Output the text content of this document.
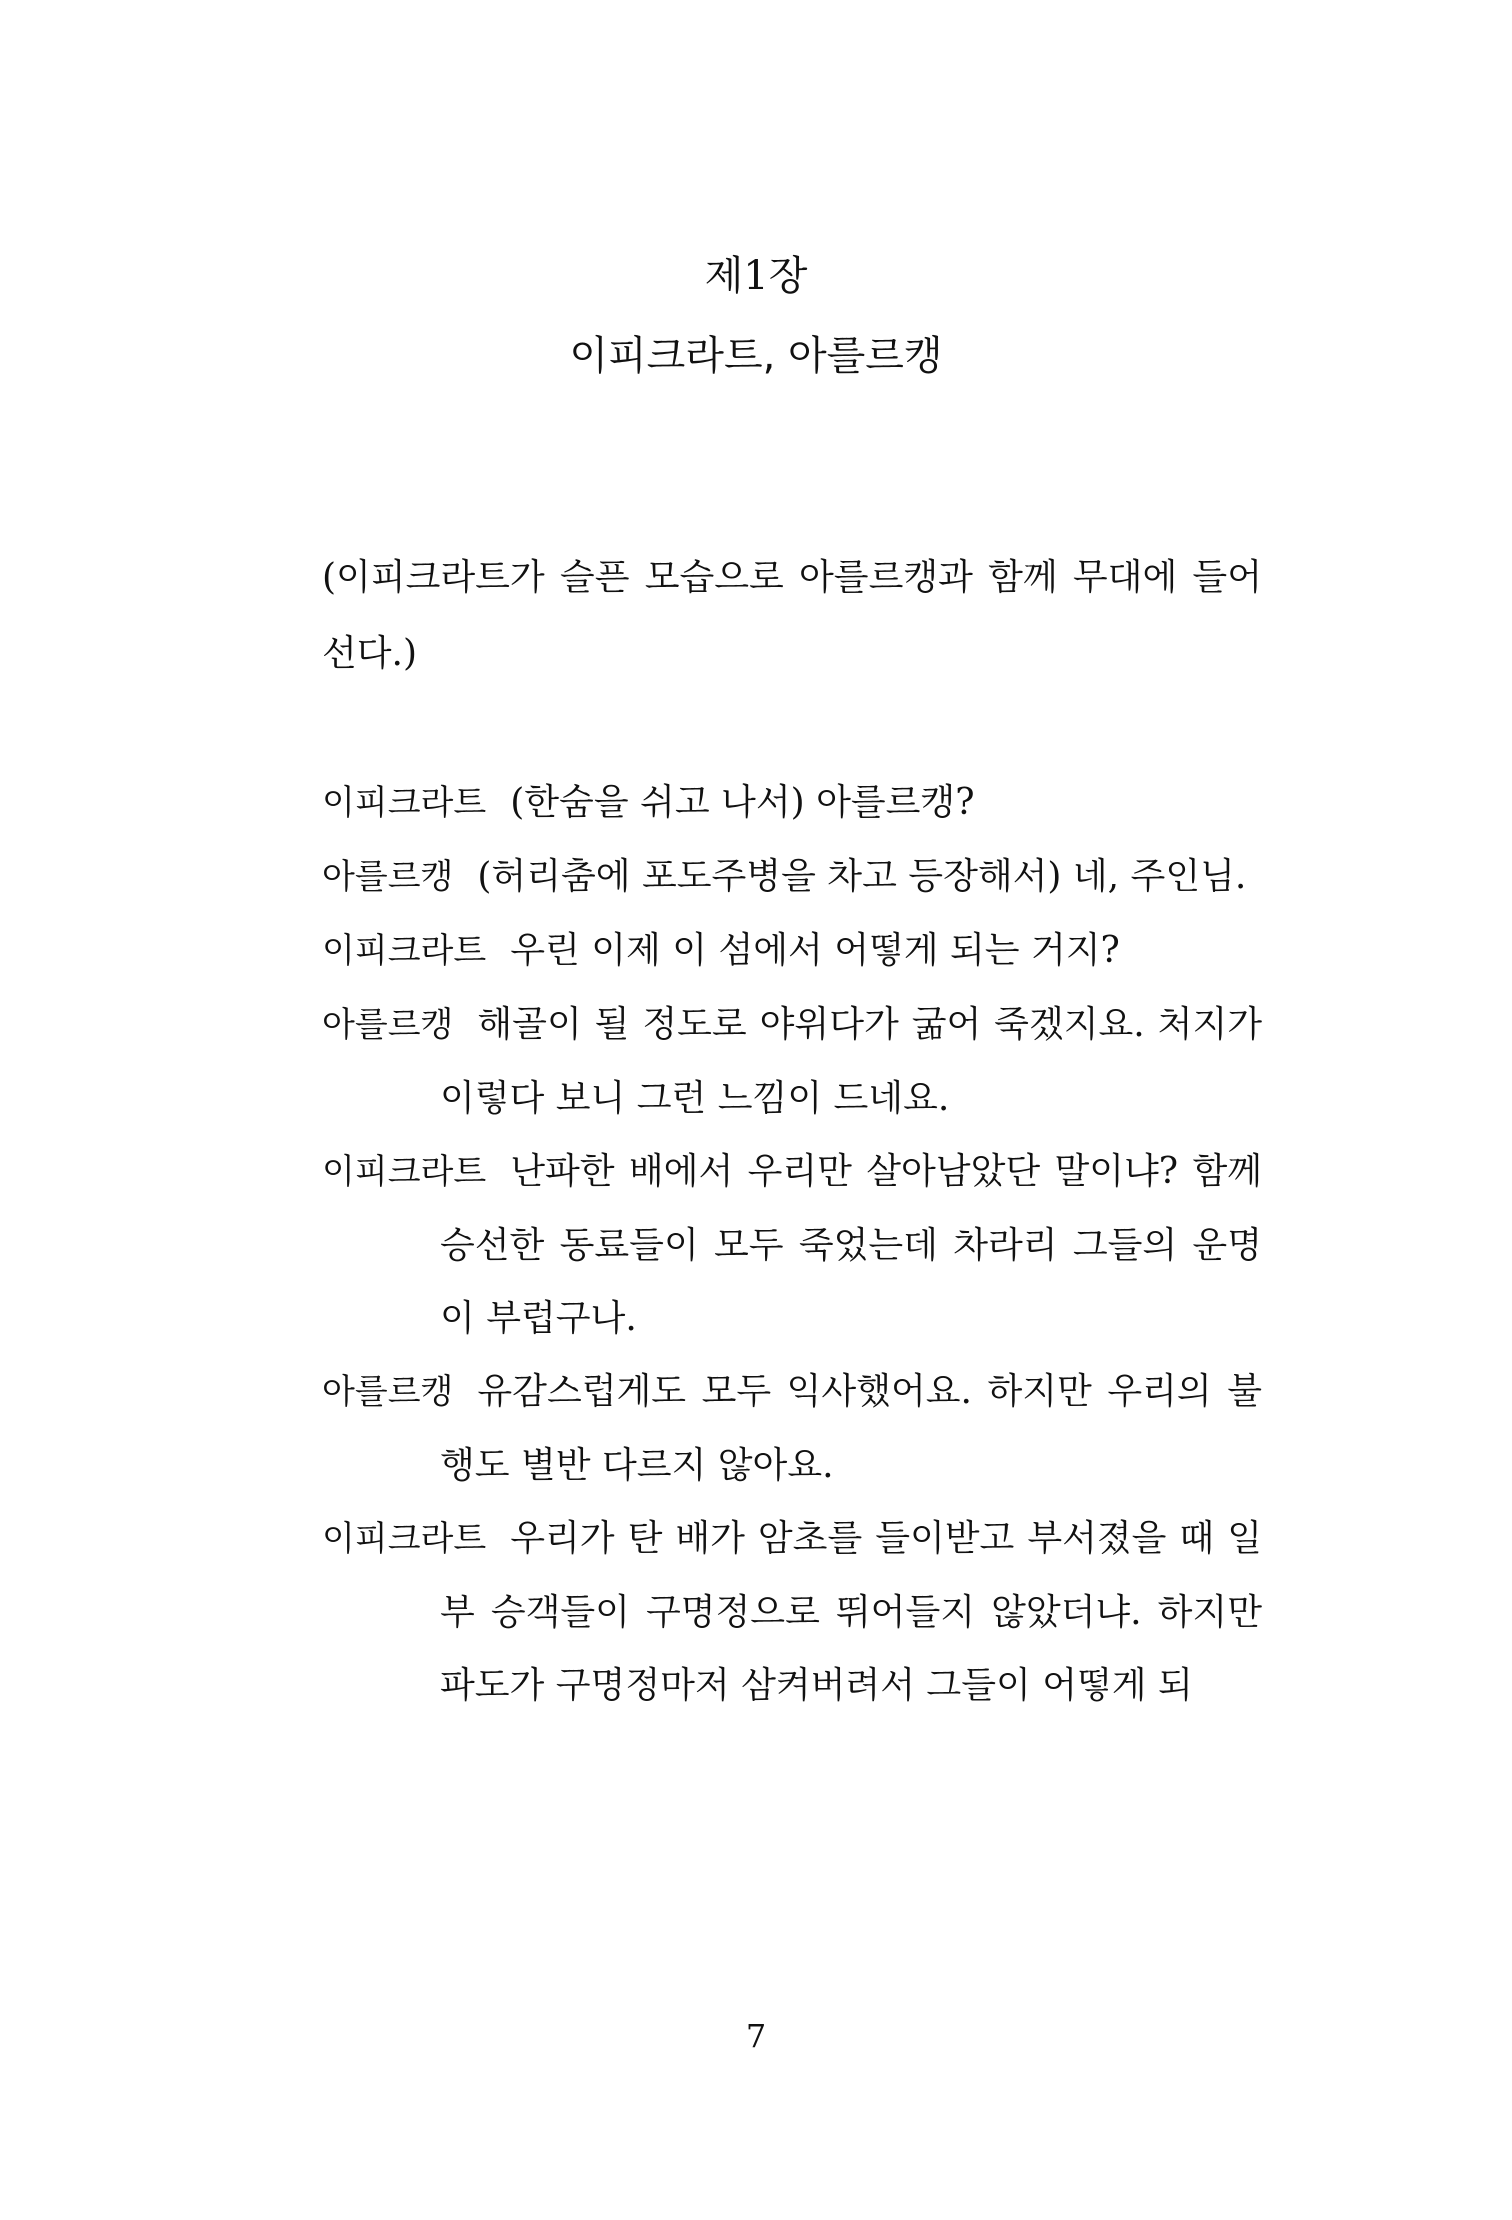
제1장
이피크라트, 아를르캥
(이피크라트가 슬픈 모습으로 아를르캥과 함께 무대에 들어선다.)
이피크라트 (한숨을 쉬고 나서) 아를르캥?
아를르캥 (허리춤에 포도주병을 차고 등장해서) 네, 주인님.
이피크라트 우린 이제 이 섬에서 어떻게 되는 거지?
아를르캥 해골이 될 정도로 야위다가 굶어 죽겠지요. 처지가 이렇다 보니 그런 느낌이 드네요.
이피크라트 난파한 배에서 우리만 살아남았단 말이냐? 함께 승선한 동료들이 모두 죽었는데 차라리 그들의 운명이 부럽구나.
아를르캥 유감스럽게도 모두 익사했어요. 하지만 우리의 불행도 별반 다르지 않아요.
이피크라트 우리가 탄 배가 암초를 들이받고 부서졌을 때 일부 승객들이 구명정으로 뛰어들지 않았더냐. 하지만 파도가 구명정마저 삼켜버려서 그들이 어떻게 되
7
